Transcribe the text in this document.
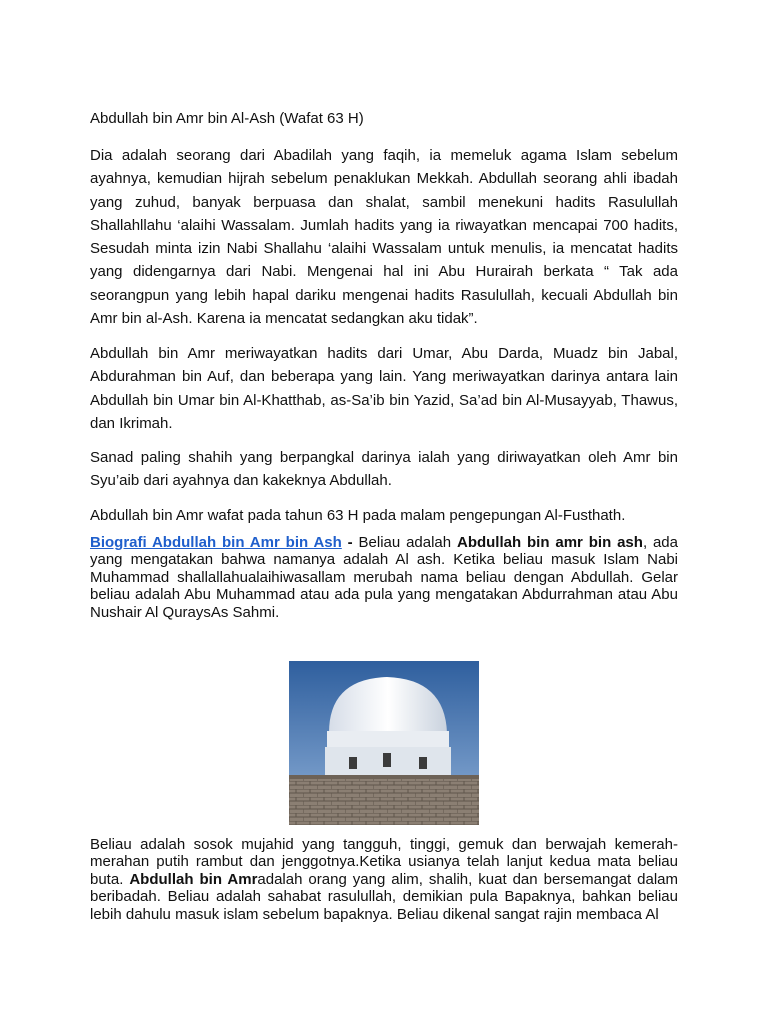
Abdullah bin Amr bin Al-Ash (Wafat 63 H)

Dia adalah seorang dari Abadilah yang faqih, ia memeluk agama Islam sebelum ayahnya, kemudian hijrah sebelum penaklukan Mekkah. Abdullah seorang ahli ibadah yang zuhud, banyak berpuasa dan shalat, sambil menekuni hadits Rasulullah Shallahllahu ‘alaihi Wassalam. Jumlah hadits yang ia riwayatkan mencapai 700 hadits, Sesudah minta izin Nabi Shallahu ‘alaihi Wassalam untuk menulis, ia mencatat hadits yang didengarnya dari Nabi. Mengenai hal ini Abu Hurairah berkata “ Tak ada seorangpun yang lebih hapal dariku mengenai hadits Rasulullah, kecuali Abdullah bin Amr bin al-Ash. Karena ia mencatat sedangkan aku tidak”.

Abdullah bin Amr meriwayatkan hadits dari Umar, Abu Darda, Muadz bin Jabal, Abdurahman bin Auf, dan beberapa yang lain. Yang meriwayatkan darinya antara lain Abdullah bin Umar bin Al-Khatthab, as-Sa’ib bin Yazid, Sa’ad bin Al-Musayyab, Thawus, dan Ikrimah.

Sanad paling shahih yang berpangkal darinya ialah yang diriwayatkan oleh Amr bin Syu’aib dari ayahnya dan kakeknya Abdullah.

Abdullah bin Amr wafat pada tahun 63 H pada malam pengepungan Al-Fusthath.

Biografi Abdullah bin Amr bin Ash - Beliau adalah Abdullah bin amr bin ash, ada yang mengatakan bahwa namanya adalah Al ash. Ketika beliau masuk Islam Nabi Muhammad shallallahualaihiwasallam merubah nama beliau dengan Abdullah. Gelar beliau adalah Abu Muhammad atau ada pula yang mengatakan Abdurrahman atau Abu Nushair Al QuraysAs Sahmi.

Beliau adalah sosok mujahid yang tangguh, tinggi, gemuk dan berwajah kemerah-merahan putih rambut dan jenggotnya.Ketika usianya telah lanjut kedua mata beliau buta. Abdullah bin Amradalah orang yang alim, shalih, kuat dan bersemangat dalam beribadah. Beliau adalah sahabat rasulullah, demikian pula Bapaknya, bahkan beliau lebih dahulu masuk islam sebelum bapaknya. Beliau dikenal sangat rajin membaca Al
